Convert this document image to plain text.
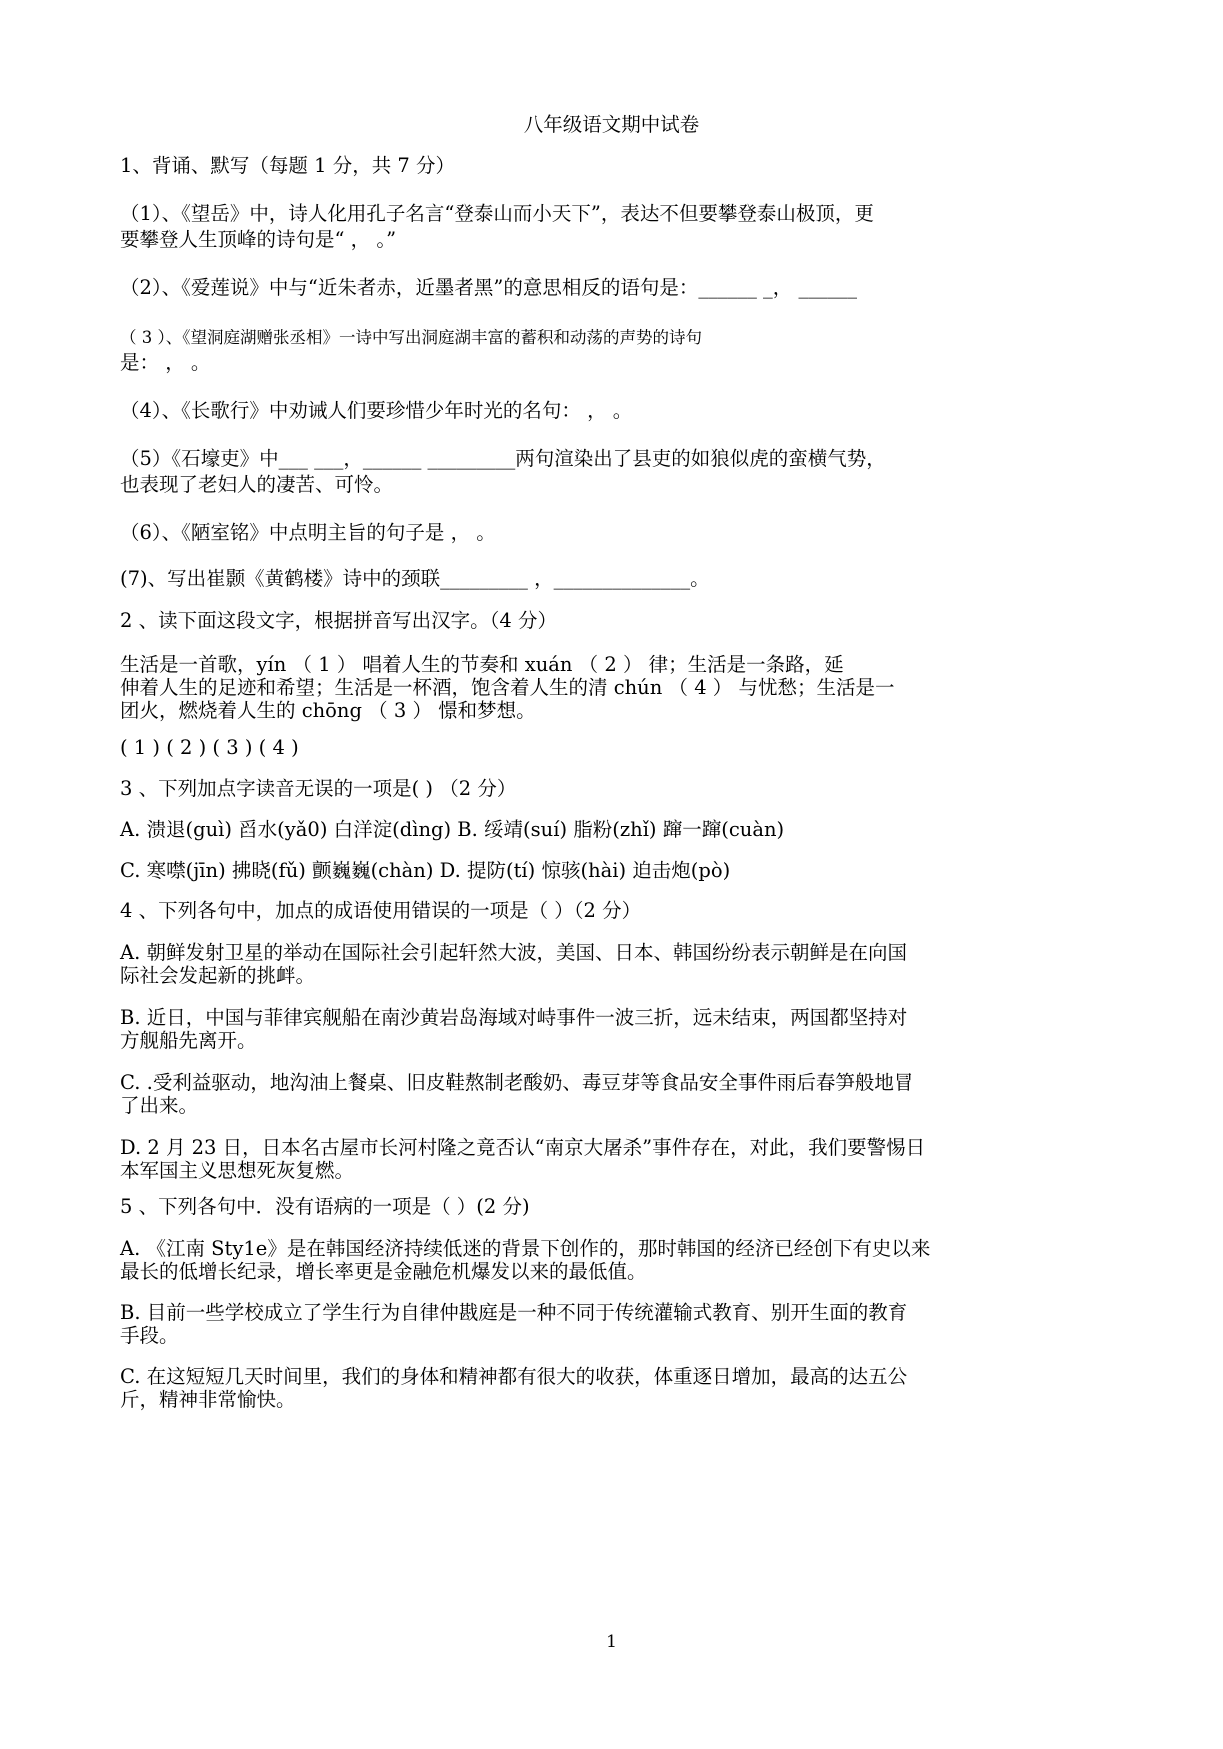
八年级语文期中试卷
1、背诵、默写（每题 1 分，共 7 分）
（1）、《望岳》中，诗人化用孔子名言“登泰山而小天下”，表达不但要攀登泰山极顶，更
要攀登人生顶峰的诗句是“ ， 。”
（2）、《爱莲说》中与“近朱者赤，近墨者黑”的意思相反的语句是：______ _， ______
（ 3 ）、《望洞庭湖赠张丞相》一诗中写出洞庭湖丰富的蓄积和动荡的声势的诗句
是： ， 。
（4）、《长歌行》中劝诫人们要珍惜少年时光的名句： ， 。
（5）《石壕吏》中___ ___，______ _________两句渲染出了县吏的如狼似虎的蛮横气势，
也表现了老妇人的凄苦、可怜。
（6）、《陋室铭》中点明主旨的句子是 ， 。
(7)、写出崔颢《黄鹤楼》诗中的颈联_________ ，______________。
2 、读下面这段文字，根据拼音写出汉字。（4 分）
生活是一首歌，yín （ 1 ） 唱着人生的节奏和 xuán （ 2 ） 律；生活是一条路，延
伸着人生的足迹和希望；生活是一杯酒，饱含着人生的清 chún （ 4 ） 与忧愁；生活是一
团火，燃烧着人生的 chōng （ 3 ） 憬和梦想。
( 1 ) ( 2 ) ( 3 ) ( 4 )
3 、下列加点字读音无误的一项是( ) （2 分）
A. 溃退(guì) 舀水(yǎ0) 白洋淀(dìng) B. 绥靖(suí) 脂粉(zhǐ) 蹿一蹿(cuàn)
C. 寒噤(jīn) 拂晓(fǔ) 颤巍巍(chàn) D. 提防(tí) 惊骇(hài) 迫击炮(pò)
4 、下列各句中，加点的成语使用错误的一项是（ ）（2 分）
A. 朝鲜发射卫星的举动在国际社会引起轩然大波，美国、日本、韩国纷纷表示朝鲜是在向国
际社会发起新的挑衅。
B. 近日，中国与菲律宾舰船在南沙黄岩岛海域对峙事件一波三折，远未结束，两国都坚持对
方舰船先离开。
C. .受利益驱动，地沟油上餐桌、旧皮鞋熬制老酸奶、毒豆芽等食品安全事件雨后春笋般地冒
了出来。
D. 2 月 23 日，日本名古屋市长河村隆之竟否认“南京大屠杀”事件存在，对此，我们要警惕日
本军国主义思想死灰复燃。
5 、下列各句中．没有语病的一项是（ ）(2 分)
A. 《江南 Sty1e》是在韩国经济持续低迷的背景下创作的，那时韩国的经济已经创下有史以来
最长的低增长纪录，增长率更是金融危机爆发以来的最低值。
B. 目前一些学校成立了学生行为自律仲戡庭是一种不同于传统灌输式教育、别开生面的教育
手段。
C. 在这短短几天时间里，我们的身体和精神都有很大的收获，体重逐日增加，最高的达五公
斤，精神非常愉快。
1
